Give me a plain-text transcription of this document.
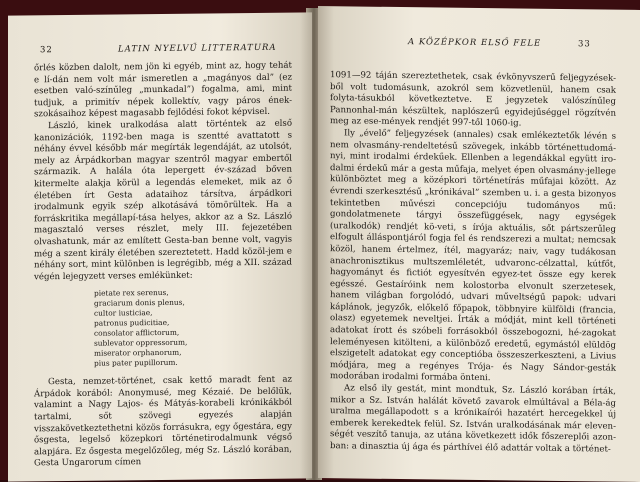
32	LATIN NYELVŰ LITTERATURA

őrlés közben dalolt, nem jön ki egyéb, mint az, hogy tehát e lí-dán nem volt már ismeretlen a „magányos dal” (ez esetben való-színűleg „munkadal”) fogalma, ami, mint tudjuk, a primitív népek kollektív, vagy páros ének-szokásaihoz képest magasabb fejlődési fokot képvisel.

László, kinek uralkodása alatt történtek az első kanonizációk, 1192-ben maga is szentté avattatott s néhány évvel később már megírták legendáját, az utolsót, mely az Árpádkorban magyar szentről magyar embertől származik. A halála óta lepergett év-század bőven kitermelte alakja körül a legendás elemeket, mik az ő életében írt Gesta adataihoz társítva, árpádkori irodalmunk egyik szép alkotásává tömörültek. Ha a forráskritika megállapí-tása helyes, akkor az a Sz. László magasztaló verses részlet, mely III. fejezetében olvashatunk, már az említett Gesta-ban benne volt, vagyis még a szent király életében szereztetett. Hadd közöl-jem e néhány sort, mint különben is legrégibb, még a XII. század végén lejegyzett verses emlékünket:

pietate rex serenus,
graciarum donis plenus,
cultor iusticiae,
patronus pudicitiae,
consolator afflictorum,
sublevator oppressorum,
miserator orphanorum,
pius pater pupillorum.

Gesta, nemzet-történet, csak kettő maradt fent az Árpádok korából: Anonymusé, meg Kézaié. De belőlük, valamint a Nagy Lajos- és Mátyás-korabeli krónikákból tartalmi, sőt szövegi egyezés alapján visszakövetkeztethetni közös forrásukra, egy őgestára, egy ősgesta, legelső közepkori történetirodalmunk végső alapjára. Ez ősgesta megelőzőleg, még Sz. László korában, Gesta Ungarorum címen

A KÖZÉPKOR ELSŐ FELE	33

1091—92 táján szereztethetek, csak évkönyvszerű feljegyzések-ből volt tudomásunk, azokról sem közvetlenül, hanem csak folyta-tásukból következtetve. E jegyzetek valószínűleg Pannonhal-mán készültek, naplószerű egyidejűséggel rögzítvén meg az ese-mények rendjét 997-től 1060-ig.

Ily „évelő” feljegyzések (annales) csak emlékeztetők lévén s nem olvasmány-rendeltetésű szövegek, inkább történettudomá-nyi, mint irodalmi érdekűek. Ellenben a legendákkal együtt iro-dalmi érdekű már a gesta műfaja, melyet épen olvasmány-jellege különböztet meg a középkori történetírás műfajai között. Az évrendi szerkesztésű „krónikával” szemben u. i. a gesta bizonyos tekintetben művészi concepcióju tudományos mű: gondolatmenete tárgyi összefüggések, nagy egységek (uralkodók) rendjét kö-veti, s írója aktuális, sőt pártszerűleg elfogult álláspontjáról fogja fel és rendszerezi a multat; nemcsak közöl, hanem értelmez, ítél, magyaráz; naiv, vagy tudákosan anachronisztikus multszemléletét, udvaronc-célzattal, kútfőt, hagyományt és fictiót egyesítvén egyez-tet össze egy kerek egésszé. Gestaíróink nem kolostorba elvonult szerzetesek, hanem világban forgolódó, udvari műveltségű papok: udvari káplánok, jegyzők, előkelő főpapok, többnyire külföldi (francia, olasz) egyetemek neveltjei. Írták a módját, mint kell történeti adatokat írott és szóbeli forrásokból összebogozni, hé-zagokat leleményesen kitölteni, a különböző eredetű, egymástól elüldög elszigetelt adatokat egy conceptióba összeszerkeszteni, a Livius módjára, meg a regényes Trója- és Nagy Sándor-gesták modorában irodalmi formába önteni.

Az első ily gestát, mint mondtuk, Sz. László korában írták, mikor a Sz. István halálát követő zavarok elmúltával a Béla-ág uralma megállapodott s a krónikaírói hazatért hercegekkel új emberek kerekedtek felül. Sz. István uralkodásának már eleven-ségét veszítő tanuja, az utána következett idők főszereplői azon-ban: a dinasztia új ága és párthívei élő adattár voltak a történet-
